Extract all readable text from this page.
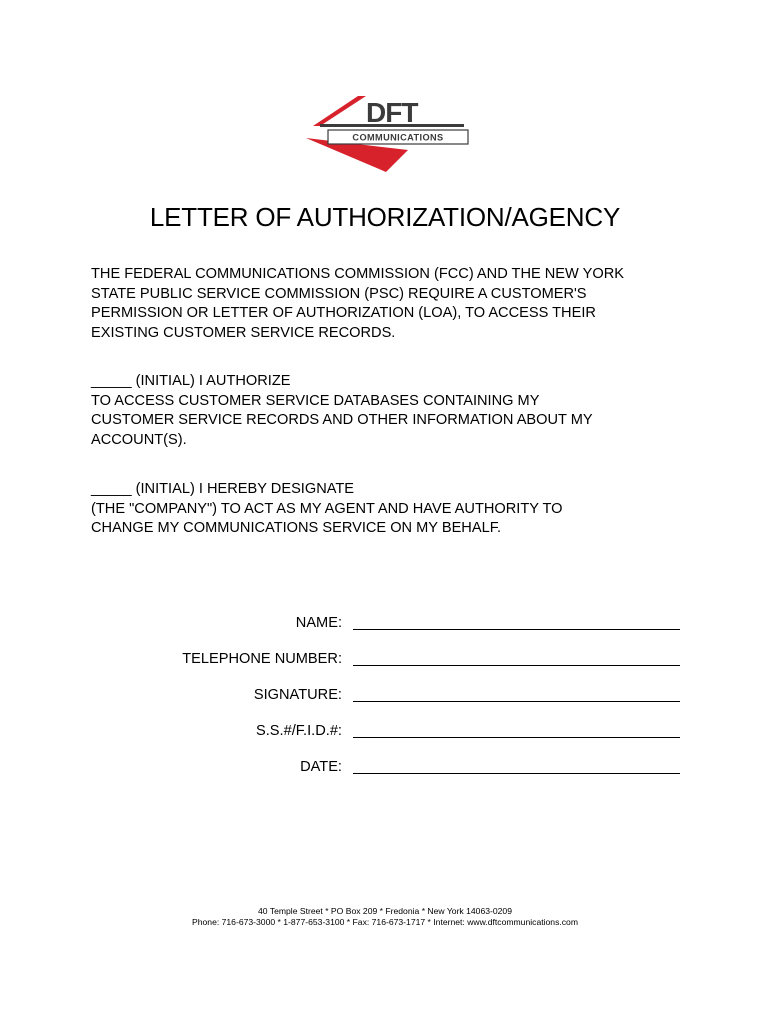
DFT
COMMUNICATIONS
LETTER OF AUTHORIZATION/AGENCY

THE FEDERAL COMMUNICATIONS COMMISSION (FCC) AND THE NEW YORK
STATE PUBLIC SERVICE COMMISSION (PSC) REQUIRE A CUSTOMER'S
PERMISSION OR LETTER OF AUTHORIZATION (LOA), TO ACCESS THEIR
EXISTING CUSTOMER SERVICE RECORDS.

_____ (INITIAL) I AUTHORIZE
TO ACCESS CUSTOMER SERVICE DATABASES CONTAINING MY
CUSTOMER SERVICE RECORDS AND OTHER INFORMATION ABOUT MY
ACCOUNT(S).

_____ (INITIAL) I HEREBY DESIGNATE
(THE "COMPANY") TO ACT AS MY AGENT AND HAVE AUTHORITY TO
CHANGE MY COMMUNICATIONS SERVICE ON MY BEHALF.

NAME:
TELEPHONE NUMBER:
SIGNATURE:
S.S.#/F.I.D.#:
DATE:
40 Temple Street * PO Box 209 * Fredonia * New York 14063-0209
Phone: 716-673-3000 * 1-877-653-3100 * Fax: 716-673-1717 * Internet: www.dftcommunications.com
